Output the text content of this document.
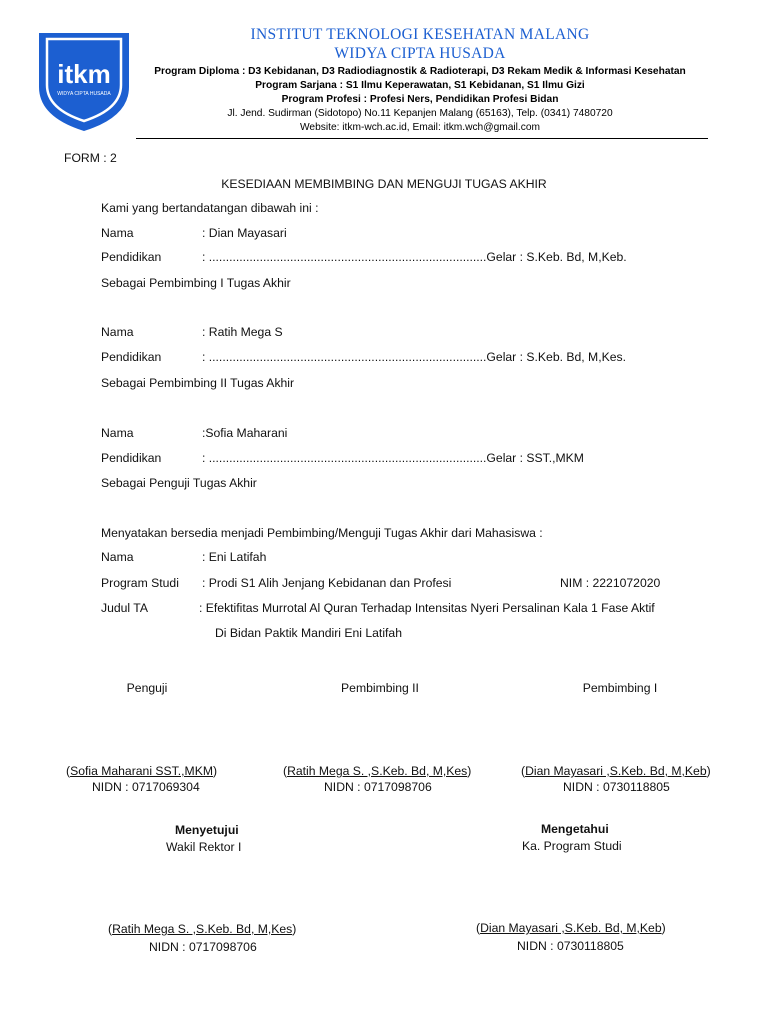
itkm
WIDYA CIPTA HUSADA
INSTITUT TEKNOLOGI KESEHATAN MALANG
WIDYA CIPTA HUSADA
Program Diploma : D3 Kebidanan, D3 Radiodiagnostik & Radioterapi, D3 Rekam Medik & Informasi Kesehatan
Program Sarjana : S1 Ilmu Keperawatan, S1 Kebidanan, S1 Ilmu Gizi
Program Profesi : Profesi Ners, Pendidikan Profesi Bidan
Jl. Jend. Sudirman (Sidotopo) No.11 Kepanjen Malang (65163), Telp. (0341) 7480720
Website: itkm-wch.ac.id, Email: itkm.wch@gmail.com
FORM : 2
KESEDIAAN MEMBIMBING DAN MENGUJI TUGAS AKHIR
Kami yang bertandatangan dibawah ini :
Nama	: Dian Mayasari
Pendidikan	: ..................................................................................Gelar : S.Keb. Bd, M,Keb.
Sebagai Pembimbing I Tugas Akhir
Nama	: Ratih Mega S
Pendidikan	: ..................................................................................Gelar : S.Keb. Bd, M,Kes.
Sebagai Pembimbing II Tugas Akhir
Nama	:Sofia Maharani
Pendidikan	: ..................................................................................Gelar : SST.,MKM
Sebagai Penguji Tugas Akhir
Menyatakan bersedia menjadi Pembimbing/Menguji Tugas Akhir dari Mahasiswa :
Nama	: Eni Latifah
Program Studi : Prodi S1 Alih Jenjang Kebidanan dan Profesi	NIM : 2221072020
Judul TA	: Efektifitas Murrotal Al Quran Terhadap Intensitas Nyeri Persalinan Kala 1 Fase Aktif
Di Bidan Paktik Mandiri Eni Latifah
Penguji	Pembimbing II	Pembimbing I
(Sofia Maharani SST.,MKM)	(Ratih Mega S. ,S.Keb. Bd, M,Kes)	(Dian Mayasari ,S.Keb. Bd, M,Keb)
NIDN : 0717069304	NIDN : 0717098706	NIDN : 0730118805
Menyetujui
Wakil Rektor I
Mengetahui
Ka. Program Studi
(Ratih Mega S. ,S.Keb. Bd, M,Kes)
NIDN : 0717098706
(Dian Mayasari ,S.Keb. Bd, M,Keb)
NIDN : 0730118805
